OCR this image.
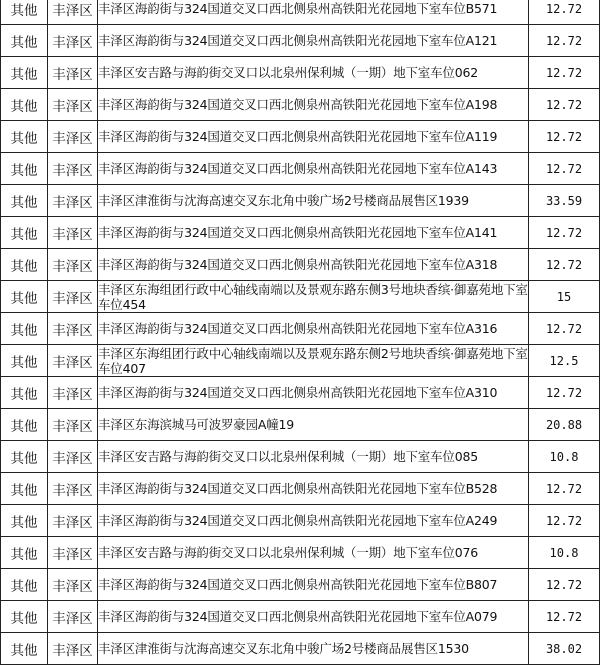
其他	丰泽区	丰泽区海韵街与324国道交叉口西北侧泉州高铁阳光花园地下室车位B571	12.72
其他	丰泽区	丰泽区海韵街与324国道交叉口西北侧泉州高铁阳光花园地下室车位A121	12.72
其他	丰泽区	丰泽区安吉路与海韵街交叉口以北泉州保利城（一期）地下室车位062	12.72
其他	丰泽区	丰泽区海韵街与324国道交叉口西北侧泉州高铁阳光花园地下室车位A198	12.72
其他	丰泽区	丰泽区海韵街与324国道交叉口西北侧泉州高铁阳光花园地下室车位A119	12.72
其他	丰泽区	丰泽区海韵街与324国道交叉口西北侧泉州高铁阳光花园地下室车位A143	12.72
其他	丰泽区	丰泽区津淮街与沈海高速交叉东北角中骏广场2号楼商品展售区1939	33.59
其他	丰泽区	丰泽区海韵街与324国道交叉口西北侧泉州高铁阳光花园地下室车位A141	12.72
其他	丰泽区	丰泽区海韵街与324国道交叉口西北侧泉州高铁阳光花园地下室车位A318	12.72
其他	丰泽区	丰泽区东海组团行政中心轴线南端以及景观东路东侧3号地块香缤·御嘉苑地下室车位454	15
其他	丰泽区	丰泽区海韵街与324国道交叉口西北侧泉州高铁阳光花园地下室车位A316	12.72
其他	丰泽区	丰泽区东海组团行政中心轴线南端以及景观东路东侧2号地块香缤·御嘉苑地下室车位407	12.5
其他	丰泽区	丰泽区海韵街与324国道交叉口西北侧泉州高铁阳光花园地下室车位A310	12.72
其他	丰泽区	丰泽区东海滨城马可波罗豪园A幢19	20.88
其他	丰泽区	丰泽区安吉路与海韵街交叉口以北泉州保利城（一期）地下室车位085	10.8
其他	丰泽区	丰泽区海韵街与324国道交叉口西北侧泉州高铁阳光花园地下室车位B528	12.72
其他	丰泽区	丰泽区海韵街与324国道交叉口西北侧泉州高铁阳光花园地下室车位A249	12.72
其他	丰泽区	丰泽区安吉路与海韵街交叉口以北泉州保利城（一期）地下室车位076	10.8
其他	丰泽区	丰泽区海韵街与324国道交叉口西北侧泉州高铁阳光花园地下室车位B807	12.72
其他	丰泽区	丰泽区海韵街与324国道交叉口西北侧泉州高铁阳光花园地下室车位A079	12.72
其他	丰泽区	丰泽区津淮街与沈海高速交叉东北角中骏广场2号楼商品展售区1530	38.02
